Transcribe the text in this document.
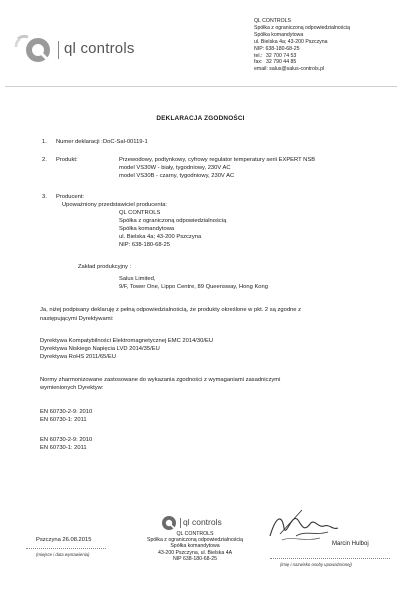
ql controls
QL CONTROLS
Spółka z ograniczoną odpowiedzialnością
Spółka komandytowa
ul. Bielska 4a; 43-200 Pszczyna
NIP: 638-180-68-25
tel.: 32 700 74 53
fax: 32 790 44 85
email: salus@salus-controls.pl
DEKLARACJA ZGODNOŚCI
1. Numer deklaracji : DoC-Sal-00119-1
2. Produkt:	Przewodowy, podtynkowy, cyfrowy regulator temperatury serii EXPERT NSB
model VS30W - biały, tygodniowy, 230V AC
model VS30B - czarny, tygodniowy, 230V AC
3. Producent:
Upoważniony przedstawiciel producenta:
QL CONTROLS
Spółka z ograniczoną odpowiedzialnością
Spółka komandytowa
ul. Bielska 4a; 43-200 Pszczyna
NIP: 638-180-68-25
Zakład produkcyjny :
Salus Limited,
9/F, Tower One, Lippo Centre, 89 Queensway, Hong Kong
Ja, niżej podpisany deklaruję z pełną odpowiedzialnością, że produkty określone w pkt. 2 są zgodne z
następującymi Dyrektywami:
Dyrektywa Kompatybilności Elektromagnetycznej EMC 2014/30/EU
Dyrektywa Niskiego Napięcia LVD 2014/35/EU
Dyrektywa RoHS 2011/65/EU
Normy zharmonizowane zastosowane do wykazania zgodności z wymaganiami zasadniczymi
wymienionych Dyrektyw:
EN 60730-2-9: 2010
EN 60730-1: 2011
EN 60730-2-9: 2010
EN 60730-1: 2011
Pszczyna 26.08.2015
(miejsce i data wystawienia)
ql controls
QL CONTROLS
Spółka z ograniczoną odpowiedzialnością
Spółka komandytowa
43-200 Pszczyna, ul. Bielska 4A
NIP 638-180-68-25
Marcin Hulboj
(imię i nazwisko osoby upoważnionej)
